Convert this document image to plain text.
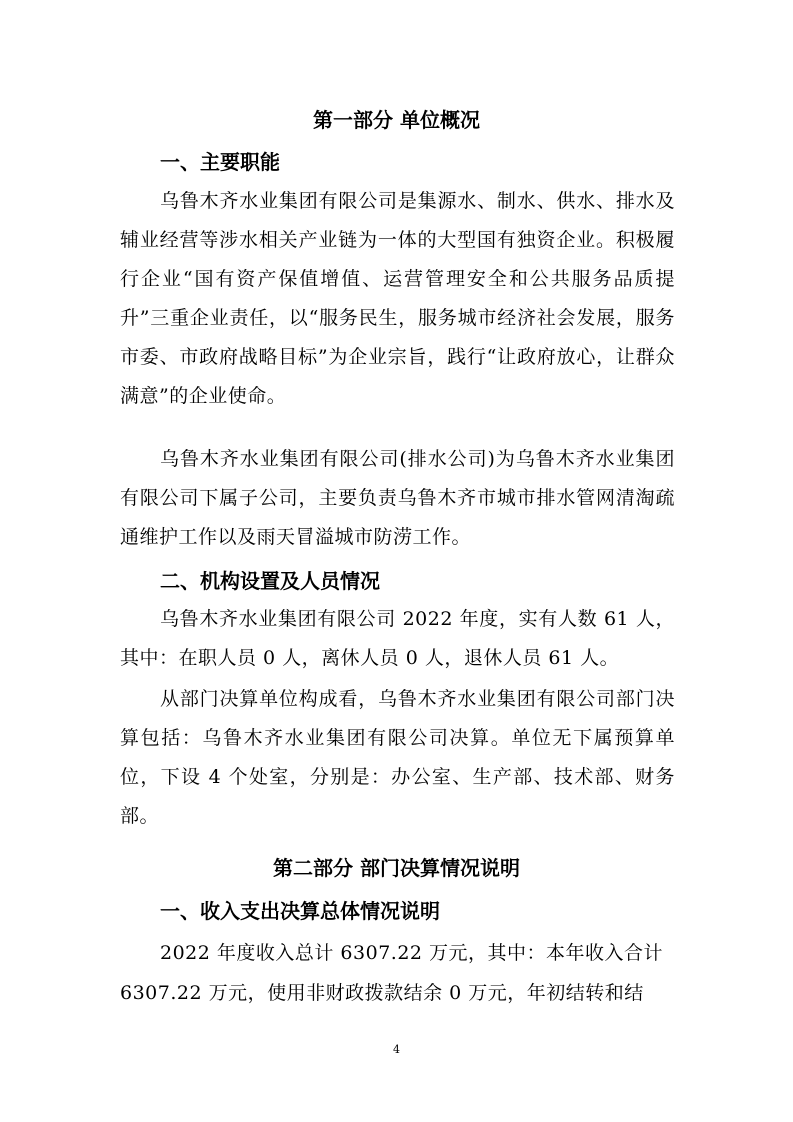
第一部分 单位概况
一、主要职能

乌鲁木齐水业集团有限公司是集源水、制水、供水、排水及辅业经营等涉水相关产业链为一体的大型国有独资企业。积极履行企业“国有资产保值增值、运营管理安全和公共服务品质提升”三重企业责任，以“服务民生，服务城市经济社会发展，服务市委、市政府战略目标”为企业宗旨，践行“让政府放心，让群众满意”的企业使命。

乌鲁木齐水业集团有限公司(排水公司)为乌鲁木齐水业集团有限公司下属子公司，主要负责乌鲁木齐市城市排水管网清淘疏通维护工作以及雨天冒溢城市防涝工作。

二、机构设置及人员情况

乌鲁木齐水业集团有限公司 2022 年度，实有人数 61 人，其中：在职人员 0 人，离休人员 0 人，退休人员 61 人。

从部门决算单位构成看，乌鲁木齐水业集团有限公司部门决算包括：乌鲁木齐水业集团有限公司决算。单位无下属预算单位，下设 4 个处室，分别是：办公室、生产部、技术部、财务部。

第二部分 部门决算情况说明
一、收入支出决算总体情况说明
2022 年度收入总计 6307.22 万元，其中：本年收入合计
6307.22 万元，使用非财政拨款结余 0 万元，年初结转和结
4
